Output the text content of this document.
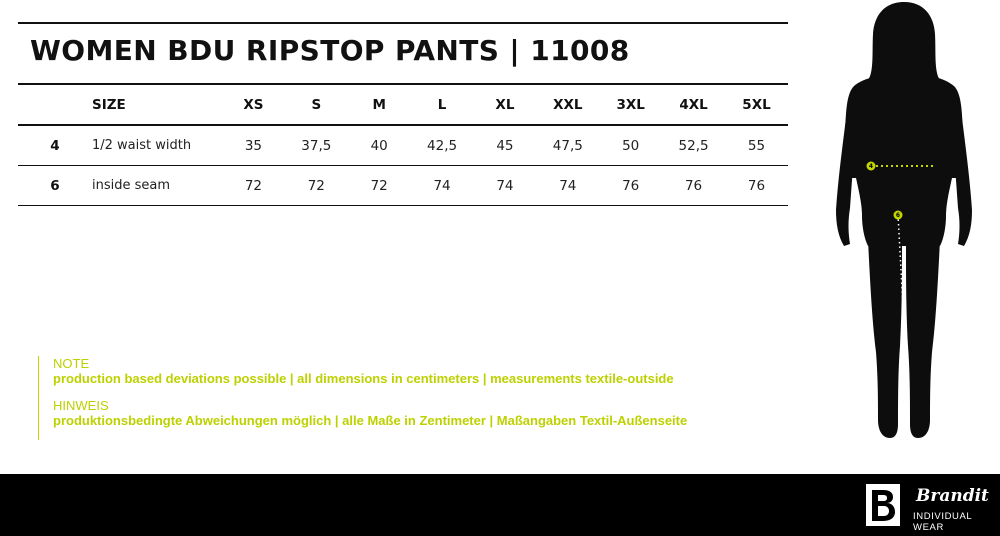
WOMEN BDU RIPSTOP PANTS | 11008
	SIZE	XS	S	M	L	XL	XXL	3XL	4XL	5XL
4	1/2 waist width	35	37,5	40	42,5	45	47,5	50	52,5	55
6	inside seam	72	72	72	74	74	74	76	76	76
NOTE
production based deviations possible | all dimensions in centimeters | measurements textile-outside
HINWEIS
produktionsbedingte Abweichungen möglich | alle Maße in Zentimeter | Maßangaben Textil-Außenseite
4
6
Brandit
INDIVIDUAL WEAR
